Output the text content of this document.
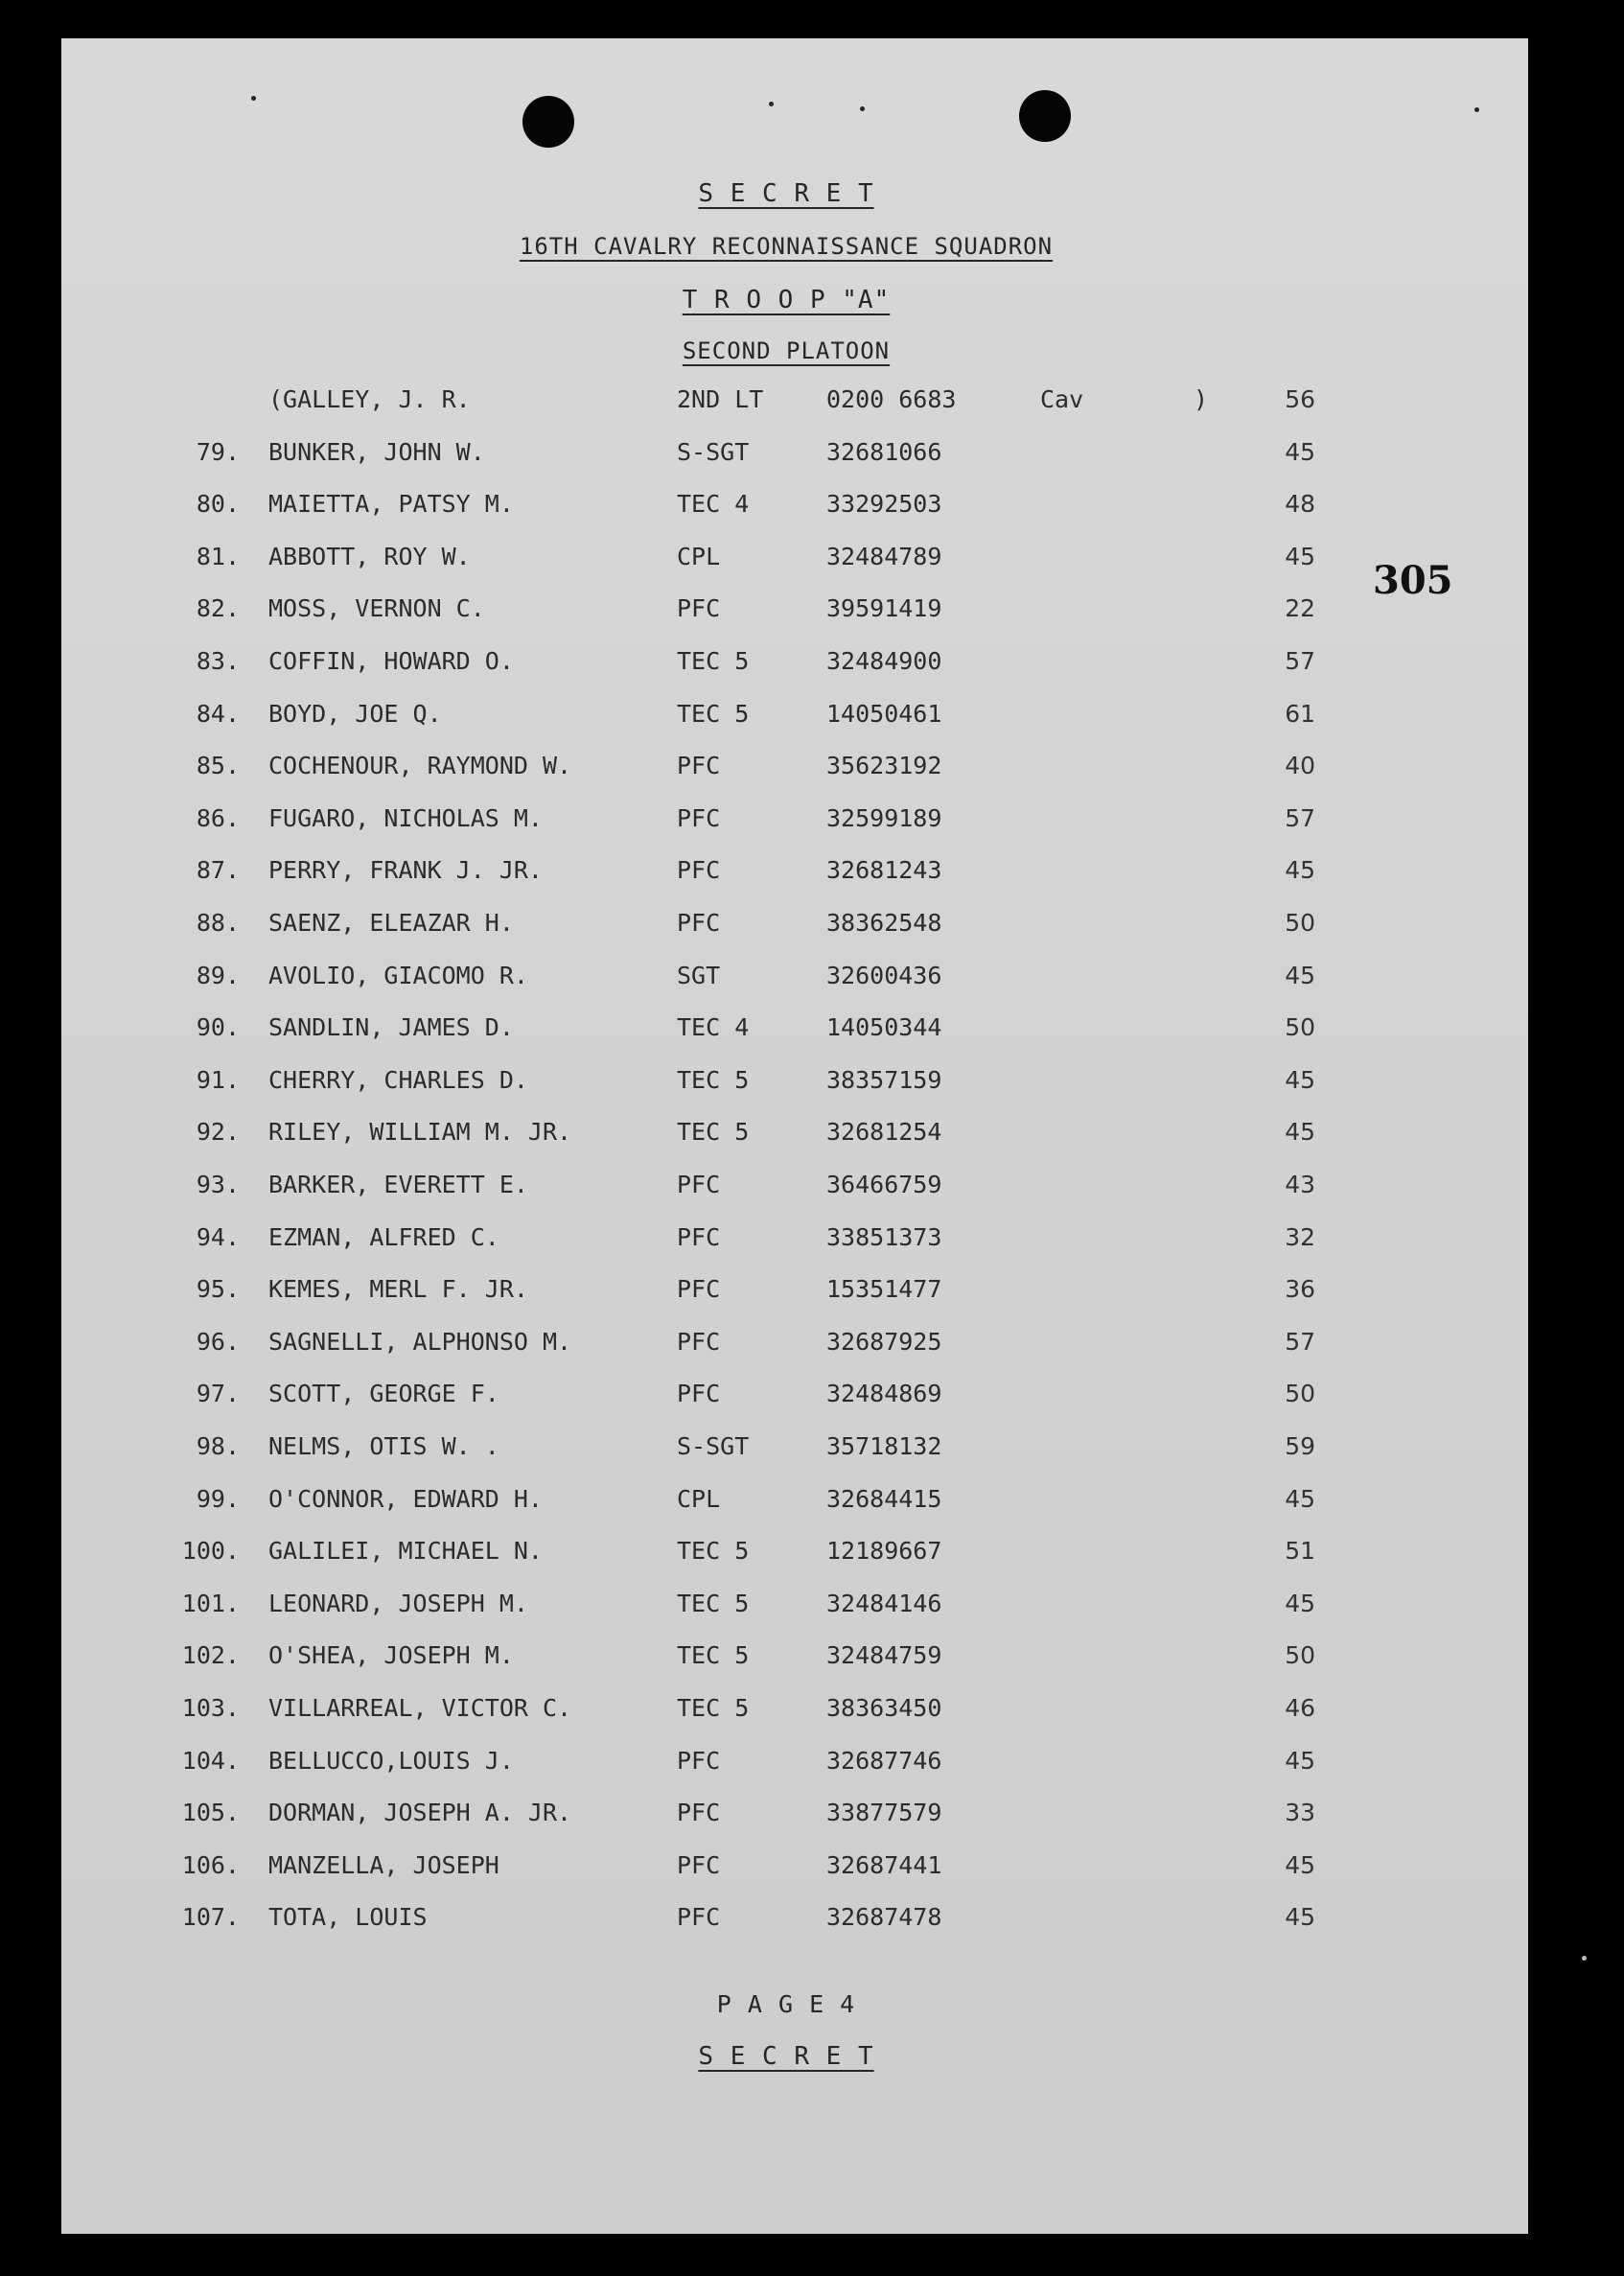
S E C R E T
16TH CAVALRY RECONNAISSANCE SQUADRON
T R O O P "A"
SECOND PLATOON
305
(GALLEY, J. R.	2ND LT	0200 6683	Cav	)	56
79. BUNKER, JOHN W.	S-SGT	32681066	45
80. MAIETTA, PATSY M.	TEC 4	33292503	48
81. ABBOTT, ROY W.	CPL	32484789	45
82. MOSS, VERNON C.	PFC	39591419	22
83. COFFIN, HOWARD O.	TEC 5	32484900	57
84. BOYD, JOE Q.	TEC 5	14050461	61
85. COCHENOUR, RAYMOND W.	PFC	35623192	40
86. FUGARO, NICHOLAS M.	PFC	32599189	57
87. PERRY, FRANK J. JR.	PFC	32681243	45
88. SAENZ, ELEAZAR H.	PFC	38362548	50
89. AVOLIO, GIACOMO R.	SGT	32600436	45
90. SANDLIN, JAMES D.	TEC 4	14050344	50
91. CHERRY, CHARLES D.	TEC 5	38357159	45
92. RILEY, WILLIAM M. JR.	TEC 5	32681254	45
93. BARKER, EVERETT E.	PFC	36466759	43
94. EZMAN, ALFRED C.	PFC	33851373	32
95. KEMES, MERL F. JR.	PFC	15351477	36
96. SAGNELLI, ALPHONSO M.	PFC	32687925	57
97. SCOTT, GEORGE F.	PFC	32484869	50
98. NELMS, OTIS W. .	S-SGT	35718132	59
99. O'CONNOR, EDWARD H.	CPL	32684415	45
100. GALILEI, MICHAEL N.	TEC 5	12189667	51
101. LEONARD, JOSEPH M.	TEC 5	32484146	45
102. O'SHEA, JOSEPH M.	TEC 5	32484759	50
103. VILLARREAL, VICTOR C.	TEC 5	38363450	46
104. BELLUCCO,LOUIS J.	PFC	32687746	45
105. DORMAN, JOSEPH A. JR.	PFC	33877579	33
106. MANZELLA, JOSEPH	PFC	32687441	45
107. TOTA, LOUIS	PFC	32687478	45
P A G E 4
S E C R E T
